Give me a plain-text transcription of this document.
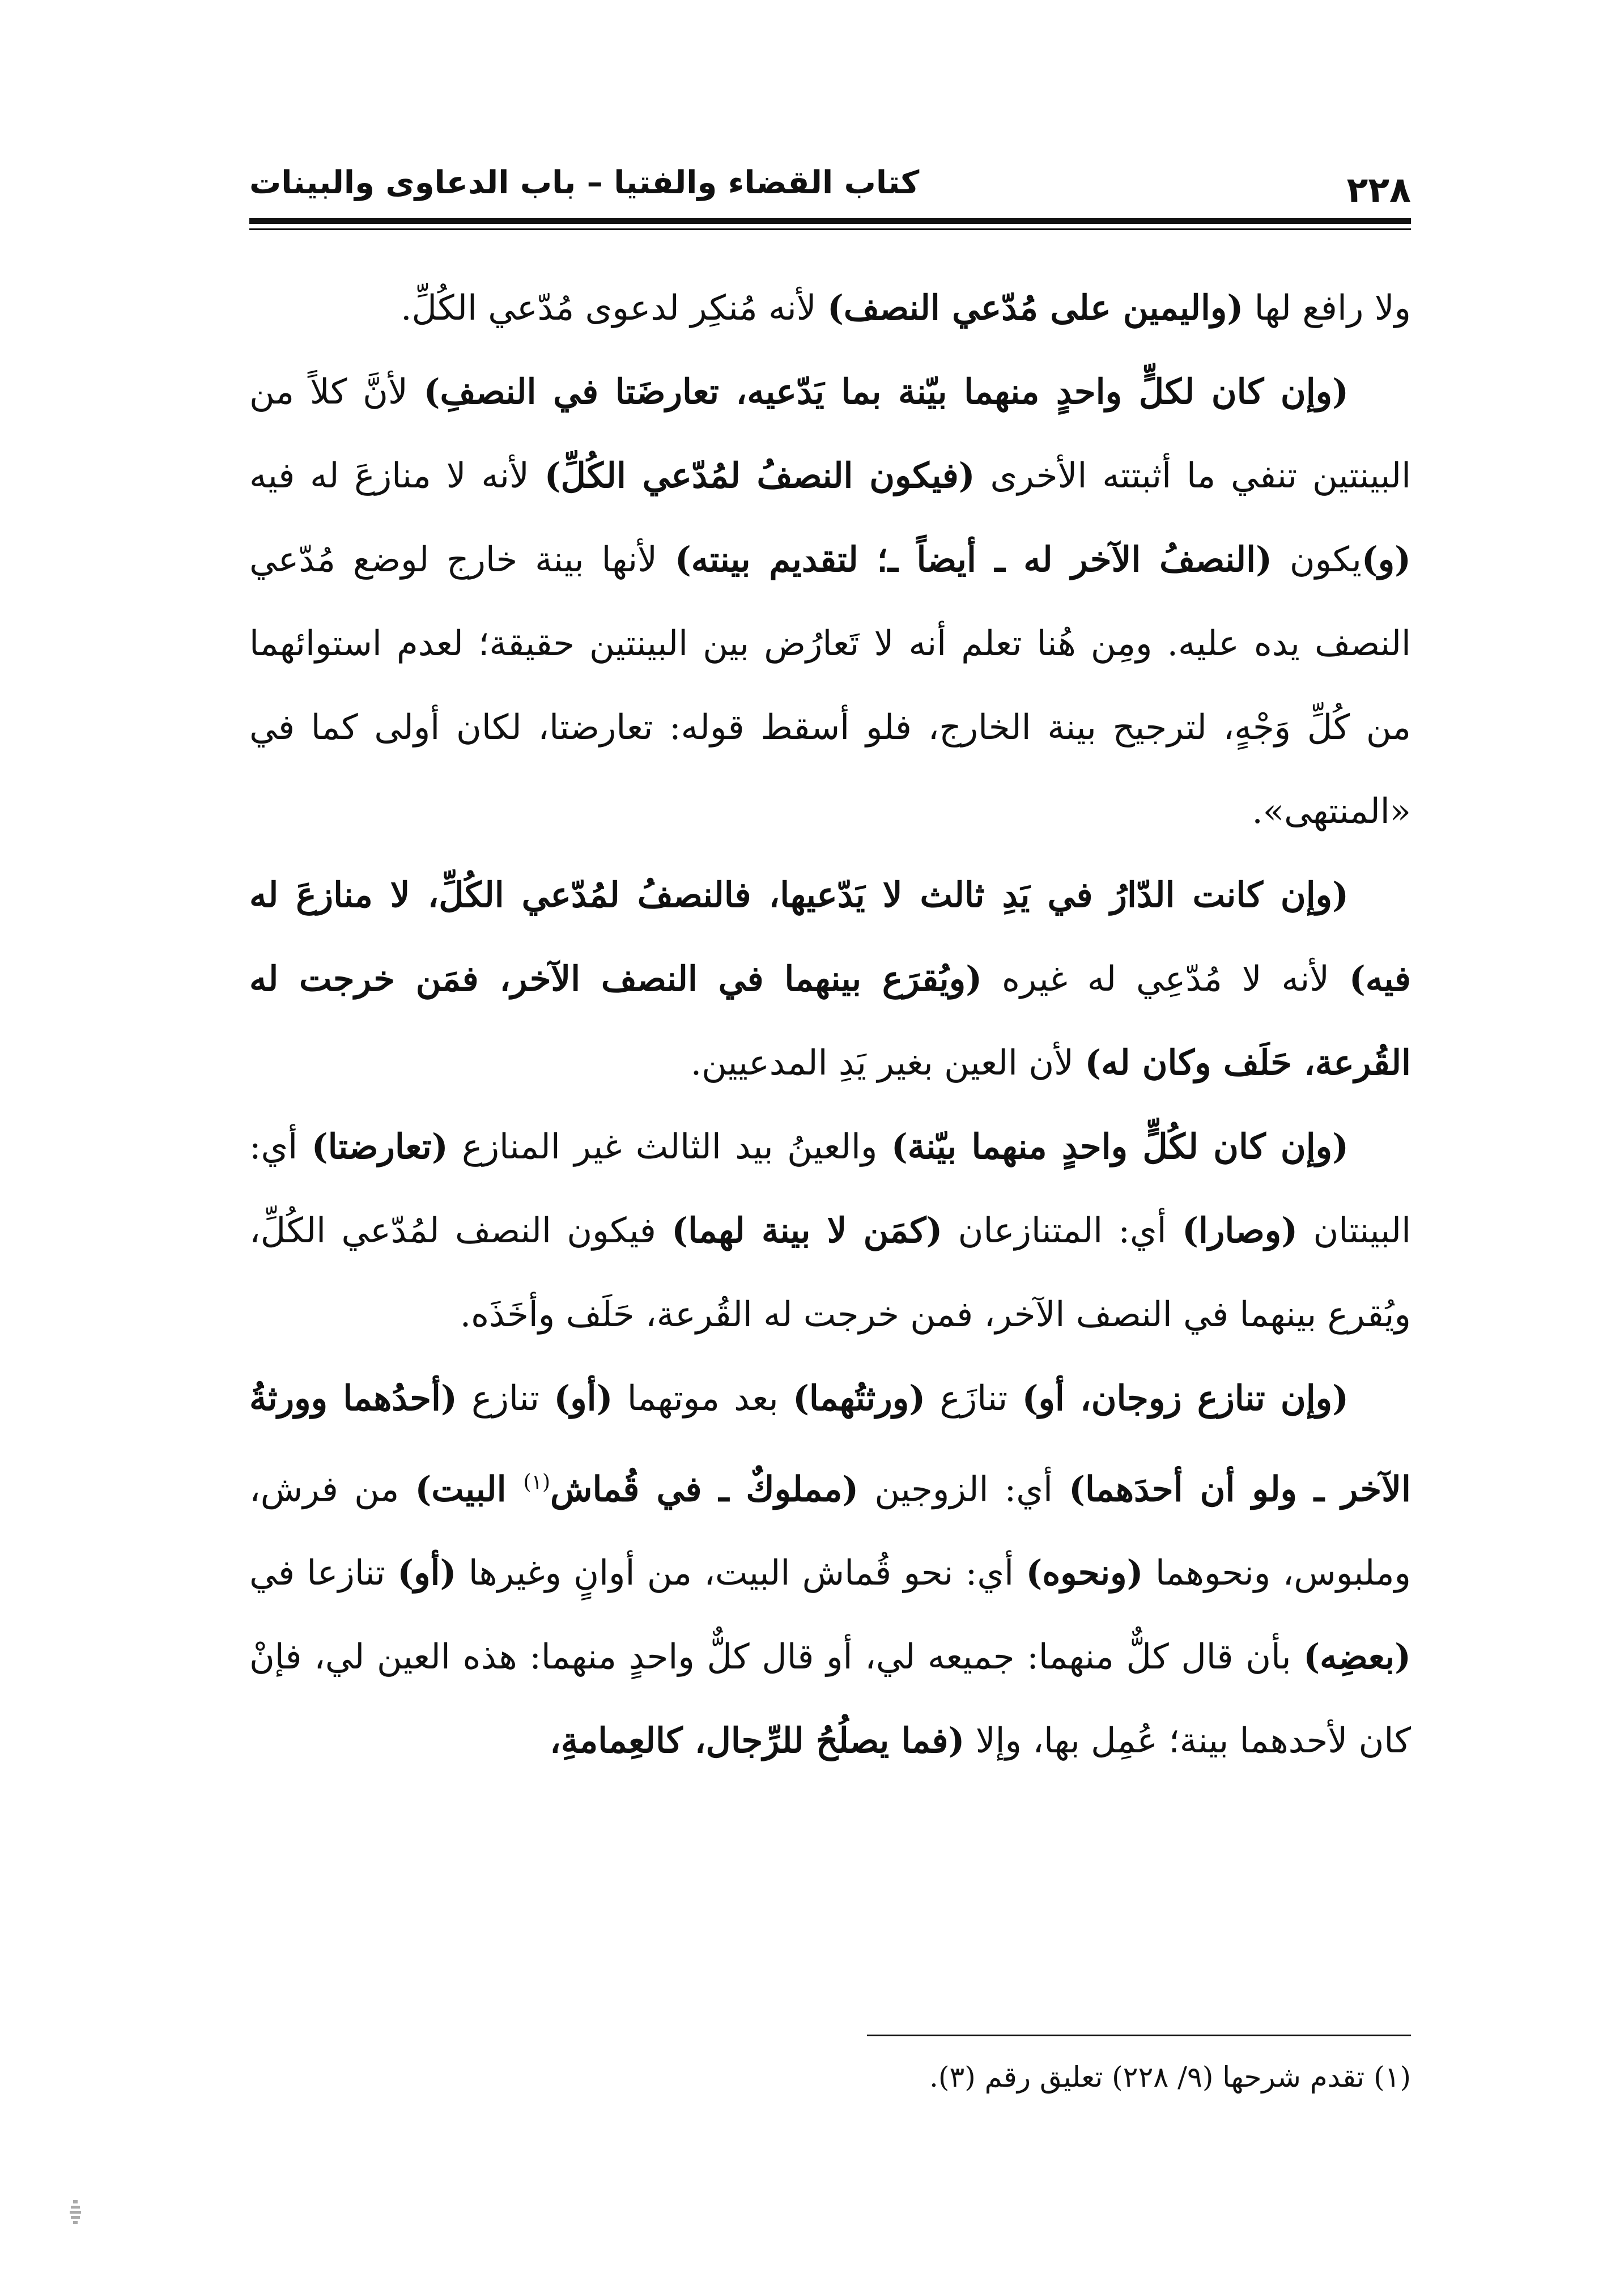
٢٢٨
كتاب القضاء والفتيا – باب الدعاوى والبينات

ولا رافع لها (واليمين على مُدّعي النصف) لأنه مُنكِر لدعوى مُدّعي الكُلِّ.

(وإن كان لكلٍّ واحدٍ منهما بيّنة بما يَدّعيه، تعارضَتا في النصفِ) لأنَّ كلاً من البينتين تنفي ما أثبتته الأخرى (فيكون النصفُ لمُدّعي الكُلِّ) لأنه لا منازعَ له فيه (و)يكون (النصفُ الآخر له ـ أيضاً ـ؛ لتقديم بينته) لأنها بينة خارج لوضع مُدّعي النصف يده عليه. ومِن هُنا تعلم أنه لا تَعارُض بين البينتين حقيقة؛ لعدم استوائهما من كُلِّ وَجْهٍ، لترجيح بينة الخارج، فلو أسقط قوله: تعارضتا، لكان أولى كما في «المنتهى».

(وإن كانت الدّارُ في يَدِ ثالث لا يَدّعيها، فالنصفُ لمُدّعي الكُلِّ، لا منازعَ له فيه) لأنه لا مُدّعِي له غيره (ويُقرَع بينهما في النصف الآخر، فمَن خرجت له القُرعة، حَلَف وكان له) لأن العين بغير يَدِ المدعيين.

(وإن كان لكُلٍّ واحدٍ منهما بيّنة) والعينُ بيد الثالث غير المنازع (تعارضتا) أي: البينتان (وصارا) أي: المتنازعان (كمَن لا بينة لهما) فيكون النصف لمُدّعي الكُلِّ، ويُقرع بينهما في النصف الآخر، فمن خرجت له القُرعة، حَلَف وأخَذَه.

(وإن تنازع زوجان، أو) تنازَع (ورثتُهما) بعد موتهما (أو) تنازع (أحدُهما وورثةُ الآخر ـ ولو أن أحدَهما) أي: الزوجين (مملوكٌ ـ في قُماش$^{(١)}$ البيت) من فرش، وملبوس، ونحوهما (ونحوه) أي: نحو قُماش البيت، من أوانٍ وغيرها (أو) تنازعا في (بعضِه) بأن قال كلٌّ منهما: جميعه لي، أو قال كلٌّ واحدٍ منهما: هذه العين لي، فإنْ كان لأحدهما بينة؛ عُمِل بها، وإلا (فما يصلُحُ للرِّجال، كالعِمامةِ،

(١) تقدم شرحها (٩/ ٢٢٨) تعليق رقم (٣).
